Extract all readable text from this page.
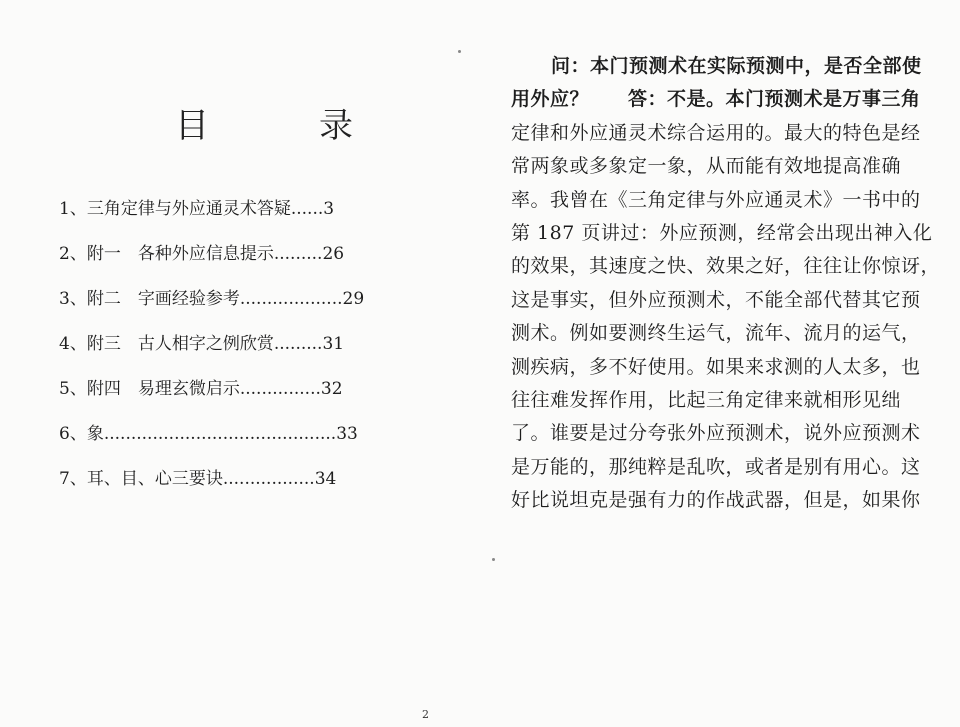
目　录
1、三角定律与外应通灵术答疑......3
2、附一　各种外应信息提示.........26
3、附二　字画经验参考...................29
4、附三　古人相字之例欣赏.........31
5、附四　易理玄微启示...............32
6、象...........................................33
7、耳、目、心三要诀.................34
问：本门预测术在实际预测中，是否全部使
用外应？　　答：不是。本门预测术是万事三角
定律和外应通灵术综合运用的。最大的特色是经
常两象或多象定一象，从而能有效地提高准确
率。我曾在《三角定律与外应通灵术》一书中的
第 187 页讲过：外应预测，经常会出现出神入化
的效果，其速度之快、效果之好，往往让你惊讶，
这是事实，但外应预测术，不能全部代替其它预
测术。例如要测终生运气，流年、流月的运气，
测疾病，多不好使用。如果来求测的人太多，也
往往难发挥作用，比起三角定律来就相形见绌
了。谁要是过分夸张外应预测术，说外应预测术
是万能的，那纯粹是乱吹，或者是别有用心。这
好比说坦克是强有力的作战武器，但是，如果你
2
